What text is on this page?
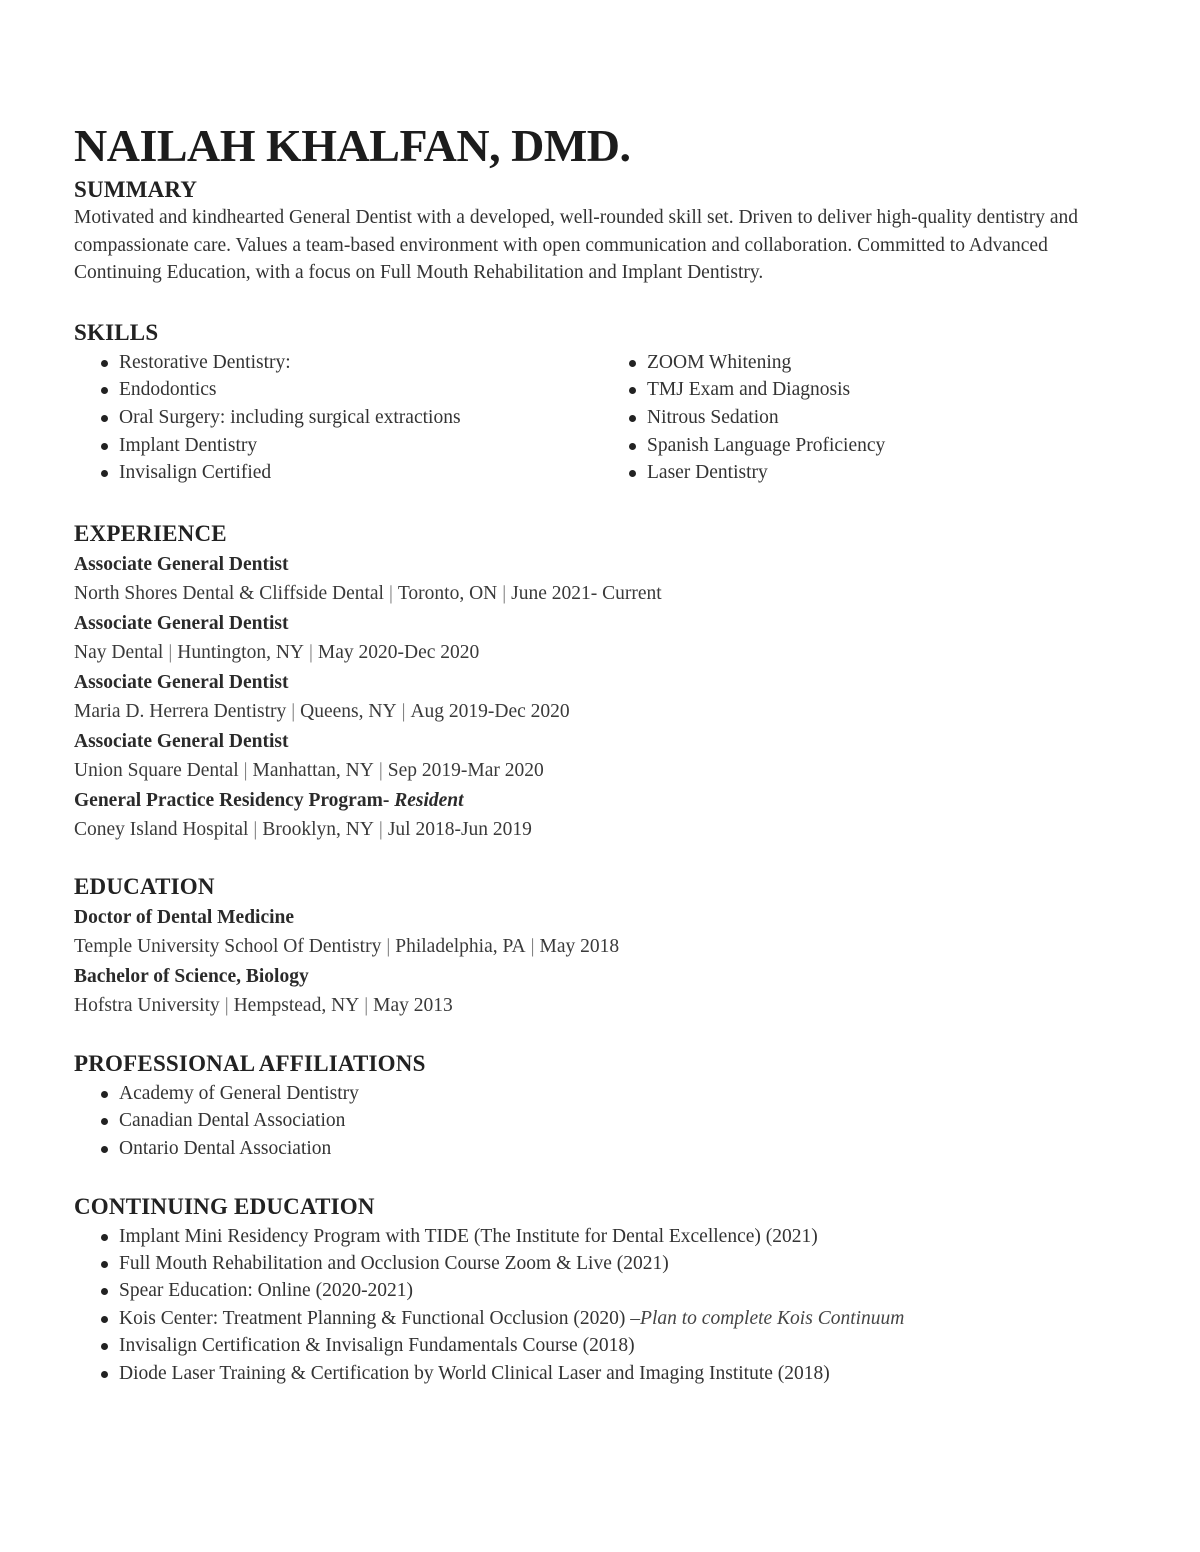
NAILAH KHALFAN, DMD.
SUMMARY

Motivated and kindhearted General Dentist with a developed, well-rounded skill set. Driven to deliver high-quality dentistry and compassionate care. Values a team-based environment with open communication and collaboration. Committed to Advanced Continuing Education, with a focus on Full Mouth Rehabilitation and Implant Dentistry.

SKILLS
Restorative Dentistry:
Endodontics
Oral Surgery: including surgical extractions
Implant Dentistry
Invisalign Certified
ZOOM Whitening
TMJ Exam and Diagnosis
Nitrous Sedation
Spanish Language Proficiency
Laser Dentistry
EXPERIENCE
Associate General Dentist
North Shores Dental & Cliffside Dental | Toronto, ON | June 2021- Current
Associate General Dentist
Nay Dental | Huntington, NY | May 2020-Dec 2020
Associate General Dentist
Maria D. Herrera Dentistry | Queens, NY | Aug 2019-Dec 2020
Associate General Dentist
Union Square Dental | Manhattan, NY | Sep 2019-Mar 2020
General Practice Residency Program- Resident
Coney Island Hospital | Brooklyn, NY | Jul 2018-Jun 2019
EDUCATION
Doctor of Dental Medicine
Temple University School Of Dentistry | Philadelphia, PA | May 2018
Bachelor of Science, Biology
Hofstra University | Hempstead, NY | May 2013
PROFESSIONAL AFFILIATIONS
Academy of General Dentistry
Canadian Dental Association
Ontario Dental Association
CONTINUING EDUCATION
Implant Mini Residency Program with TIDE (The Institute for Dental Excellence) (2021)
Full Mouth Rehabilitation and Occlusion Course Zoom & Live (2021)
Spear Education: Online (2020-2021)
Kois Center: Treatment Planning & Functional Occlusion (2020) –Plan to complete Kois Continuum
Invisalign Certification & Invisalign Fundamentals Course (2018)
Diode Laser Training & Certification by World Clinical Laser and Imaging Institute (2018)
